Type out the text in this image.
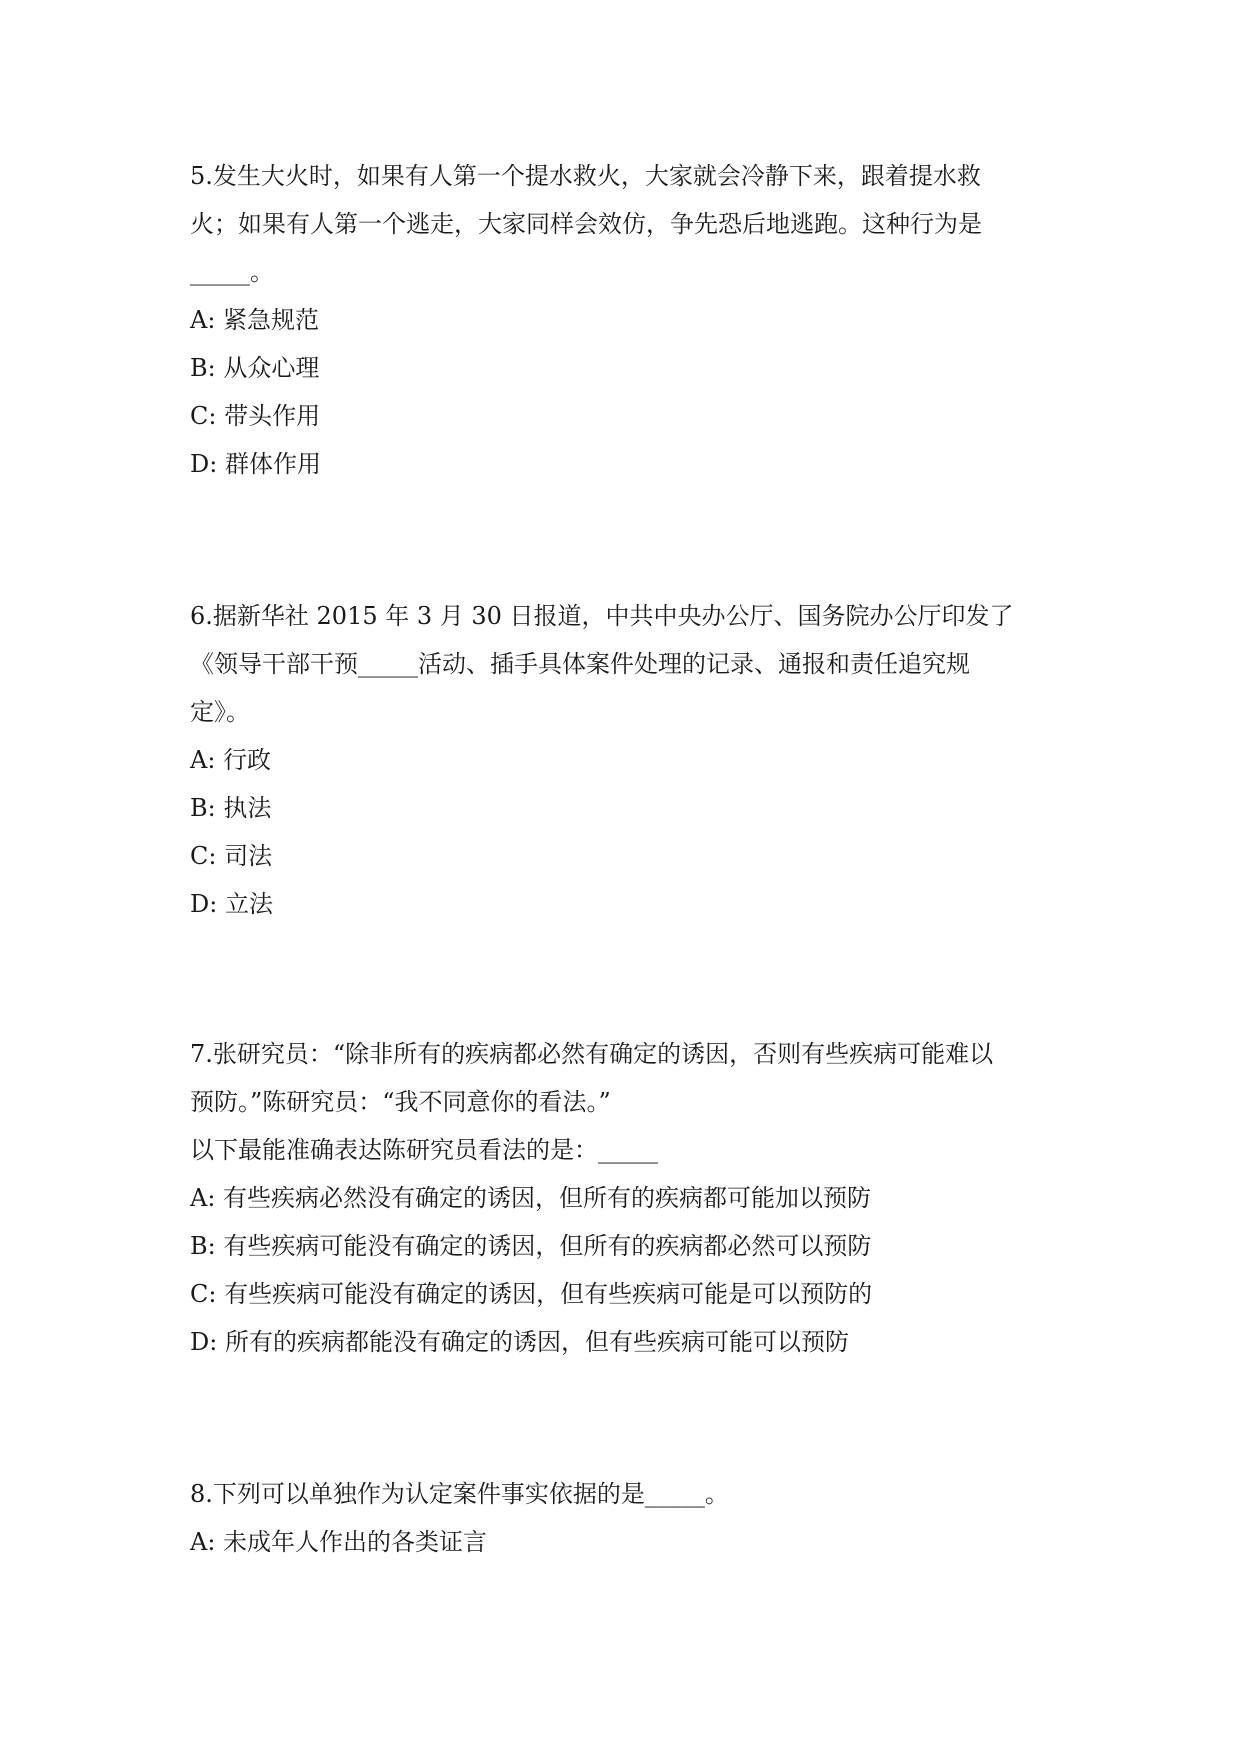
5.发生大火时，如果有人第一个提水救火，大家就会冷静下来，跟着提水救
火；如果有人第一个逃走，大家同样会效仿，争先恐后地逃跑。这种行为是
_____。
A: 紧急规范
B: 从众心理
C: 带头作用
D: 群体作用
6.据新华社 2015 年 3 月 30 日报道，中共中央办公厅、国务院办公厅印发了
《领导干部干预_____活动、插手具体案件处理的记录、通报和责任追究规
定》。
A: 行政
B: 执法
C: 司法
D: 立法
7.张研究员：“除非所有的疾病都必然有确定的诱因，否则有些疾病可能难以
预防。”陈研究员：“我不同意你的看法。”
以下最能准确表达陈研究员看法的是：_____
A: 有些疾病必然没有确定的诱因，但所有的疾病都可能加以预防
B: 有些疾病可能没有确定的诱因，但所有的疾病都必然可以预防
C: 有些疾病可能没有确定的诱因，但有些疾病可能是可以预防的
D: 所有的疾病都能没有确定的诱因，但有些疾病可能可以预防
8.下列可以单独作为认定案件事实依据的是_____。
A: 未成年人作出的各类证言
